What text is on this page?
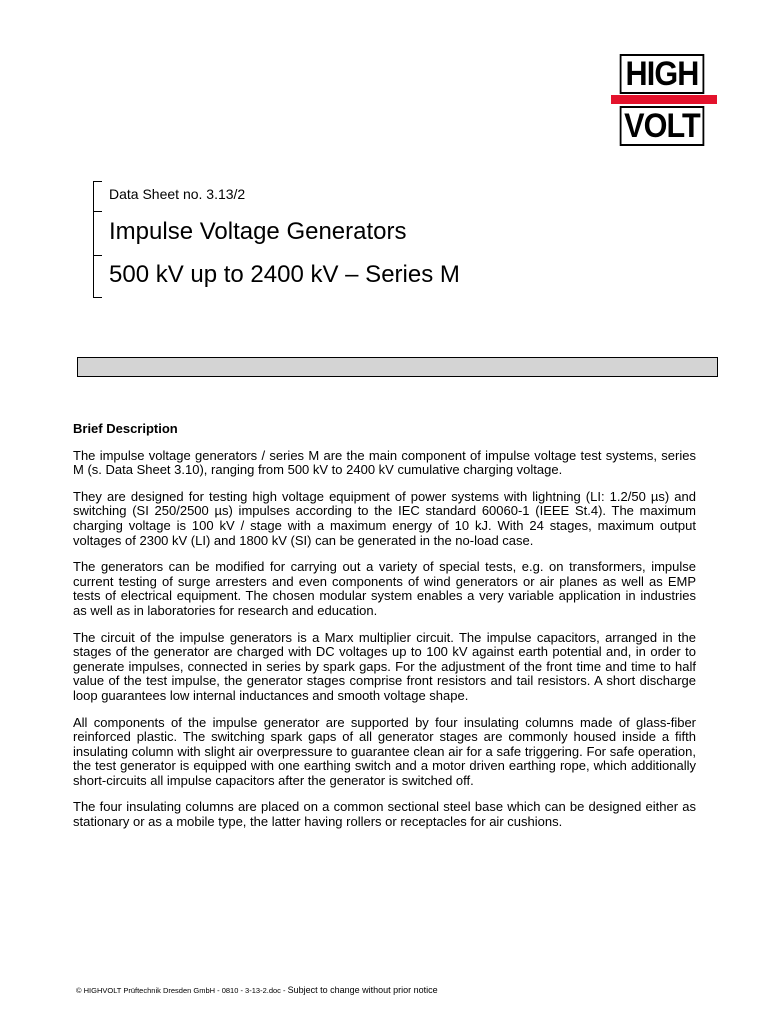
HIGH
VOLT
Data Sheet no. 3.13/2
Impulse Voltage Generators
500 kV up to 2400 kV – Series M

Brief Description

The impulse voltage generators / series M are the main component of impulse voltage test systems, series M (s. Data Sheet 3.10), ranging from 500 kV to 2400 kV cumulative charging voltage.

They are designed for testing high voltage equipment of power systems with lightning (LI: 1.2/50 µs) and switching (SI 250/2500 µs) impulses according to the IEC standard 60060-1 (IEEE St.4). The maximum charging voltage is 100 kV / stage with a maximum energy of 10 kJ. With 24 stages, maximum output voltages of 2300 kV (LI) and 1800 kV (SI) can be generated in the no-load case.

The generators can be modified for carrying out a variety of special tests, e.g. on transformers, impulse current testing of surge arresters and even components of wind generators or air planes as well as EMP tests of electrical equipment. The chosen modular system enables a very variable application in industries as well as in laboratories for research and education.

The circuit of the impulse generators is a Marx multiplier circuit. The impulse capacitors, arranged in the stages of the generator are charged with DC voltages up to 100 kV against earth potential and, in order to generate impulses, connected in series by spark gaps. For the adjustment of the front time and time to half value of the test impulse, the generator stages comprise front resistors and tail resistors. A short discharge loop guarantees low internal inductances and smooth voltage shape.

All components of the impulse generator are supported by four insulating columns made of glass-fiber reinforced plastic. The switching spark gaps of all generator stages are commonly housed inside a fifth insulating column with slight air overpressure to guarantee clean air for a safe triggering. For safe operation, the test generator is equipped with one earthing switch and a motor driven earthing rope, which additionally short-circuits all impulse capacitors after the generator is switched off.

The four insulating columns are placed on a common sectional steel base which can be designed either as stationary or as a mobile type, the latter having rollers or receptacles for air cushions.

© HIGHVOLT Prüftechnik Dresden GmbH - 0810 - 3-13-2.doc - Subject to change without prior notice
